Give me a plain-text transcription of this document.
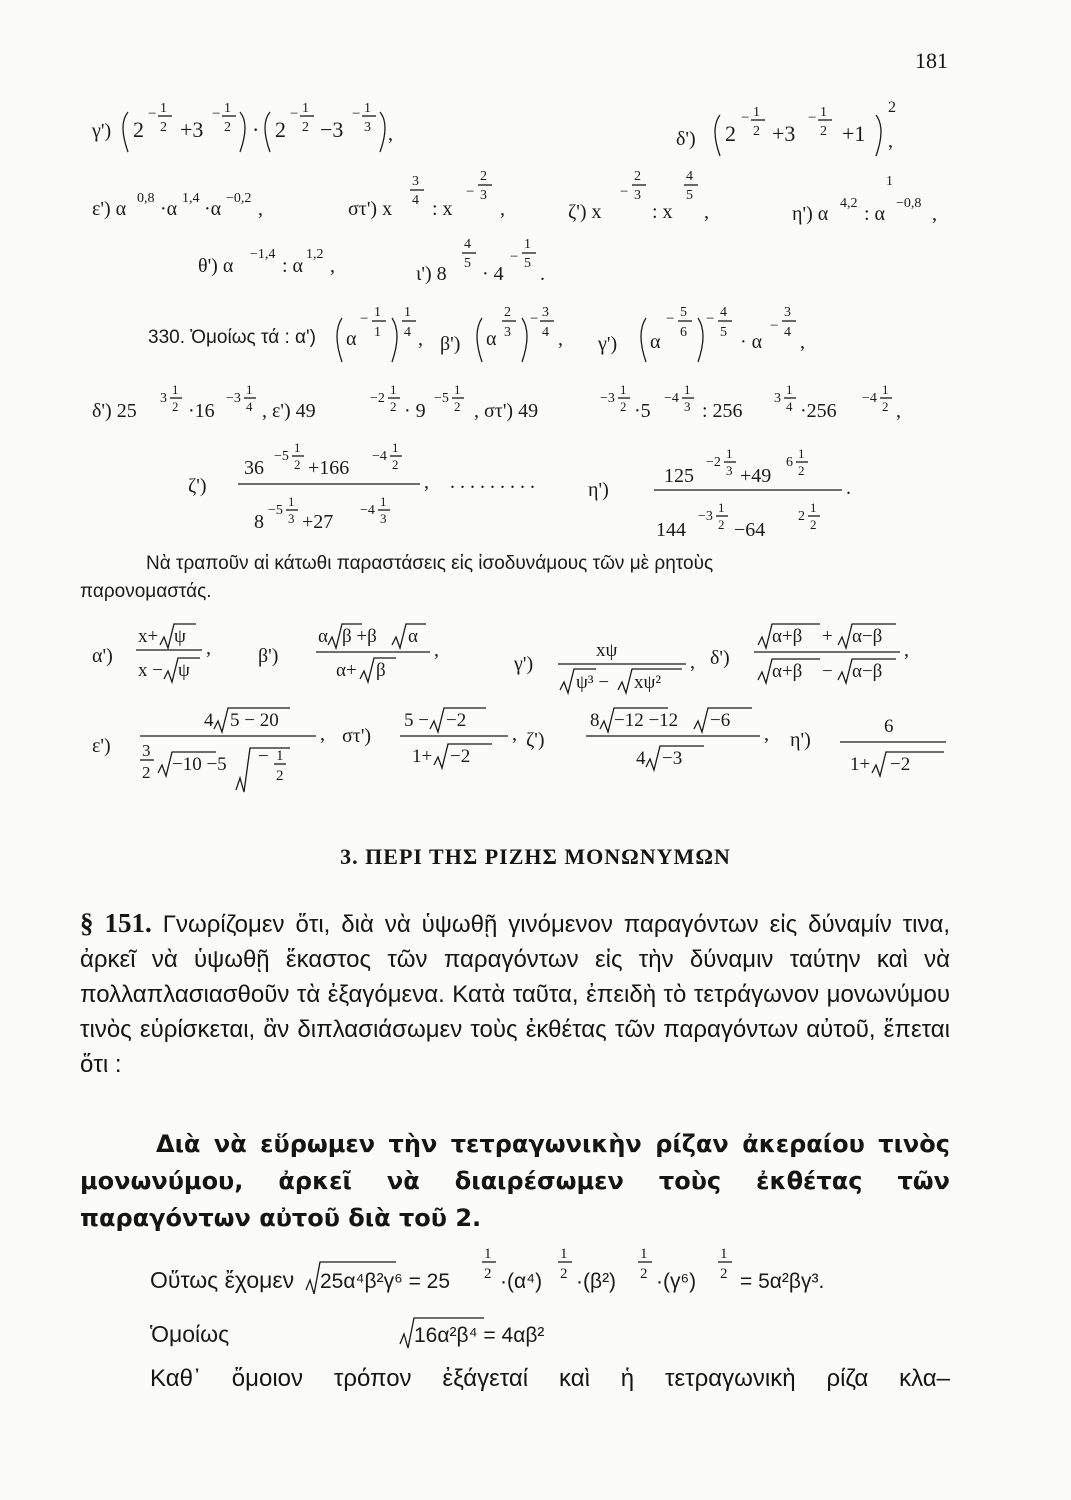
181
γ') 2
− 1
2 +3
− 1
2 · 2
− 1
2 −3
− 1
3 ,	δ') 2
− 1
2 +3
− 1
2 +1
2
,
ε') α 0,8 ·α 1,4 ·α −0,2 ,	στ') x
3
4 : x
−
2
3
,	ζ') x
−
2
3
: x
4
5
,	η') α 4,2 : α
1
−0,8 ,
θ') α
−1,4
: α
1,2
,	ι') 8
4
5 · 4
−
1
5 .
330. Ὁμοίως τά : α') α
− 1
1
1
4 , β') α
2
3
− 3
4 , γ') α
− 5
6
− 4
5 · α
−
3
4 ,
δ') 25
3
1
2 ·16
−3
1
4 , ε') 49
−2
1
2 · 9
−5
1
2 , στ') 49
−3
1
2 ·5
−4
1
3 : 256
3
1
4 ·256
−4
1
2 ,
ζ')
36
−5
1
2 +166
−4
1
2
,
8
−5
1
3 +27
−4
1
3
. . . . . . . . .	η')
125
−2
1
3 +49
6
1
2
.
144
−3
1
2 −64
2
1
2
Νὰ τραποῦν αἱ κάτωθι παραστάσεις εἰς ἰσοδυνάμους τῶν μὲ ρητοὺς
παρονομαστάς.
α')
x+ ψ
,
x − ψ
β')
α β +β α
,
α+ β	γ')
xψ
,
ψ³ − xψ²
δ')
α+β + α−β
,
α+β − α−β
ε')
4 5 − 20
,
3
2 −10 −5 − 1
2
στ')
5 − −2
,
1+ −2
ζ')
8 −12 −12 −6
,
4 −3
η')
6
1+ −2
3. ΠΕΡΙ ΤΗΣ ΡΙΖΗΣ ΜΟΝΩΝΥΜΩΝ
§ 151. Γνωρίζομεν ὅτι, διὰ νὰ ὑψωθῇ γινόμενον παραγόντων εἰς δύναμίν τινα, ἀρκεῖ νὰ ὑψωθῇ ἕκαστος τῶν παραγόντων εἰς τὴν δύναμιν ταύτην καὶ νὰ πολλαπλασιασθοῦν τὰ ἐξαγόμενα. Κατὰ ταῦτα, ἐπειδὴ τὸ τετράγωνον μονωνύμου τινὸς εὑρίσκεται, ἂν διπλασιάσωμεν τοὺς ἐκθέτας τῶν παραγόντων αὐτοῦ, ἕπεται ὅτι :
Διὰ νὰ εὕρωμεν τὴν τετραγωνικὴν ρίζαν ἀκεραίου τινὸς μονωνύμου, ἀρκεῖ νὰ διαιρέσωμεν τοὺς ἐκθέτας τῶν παραγόντων αὐτοῦ διὰ τοῦ 2.
Οὕτως ἔχομεν 25α⁴β²γ⁶ = 25
1
2 ·(α⁴)
1
2 ·(β²)
1
2 ·(γ⁶)
1
2 = 5α²βγ³.
Ὁμοίως	16α²β⁴ = 4αβ²
Καθ᾽ ὅμοιον τρόπον ἐξάγεταί καὶ ἡ τετραγωνικὴ ρίζα κλα–
